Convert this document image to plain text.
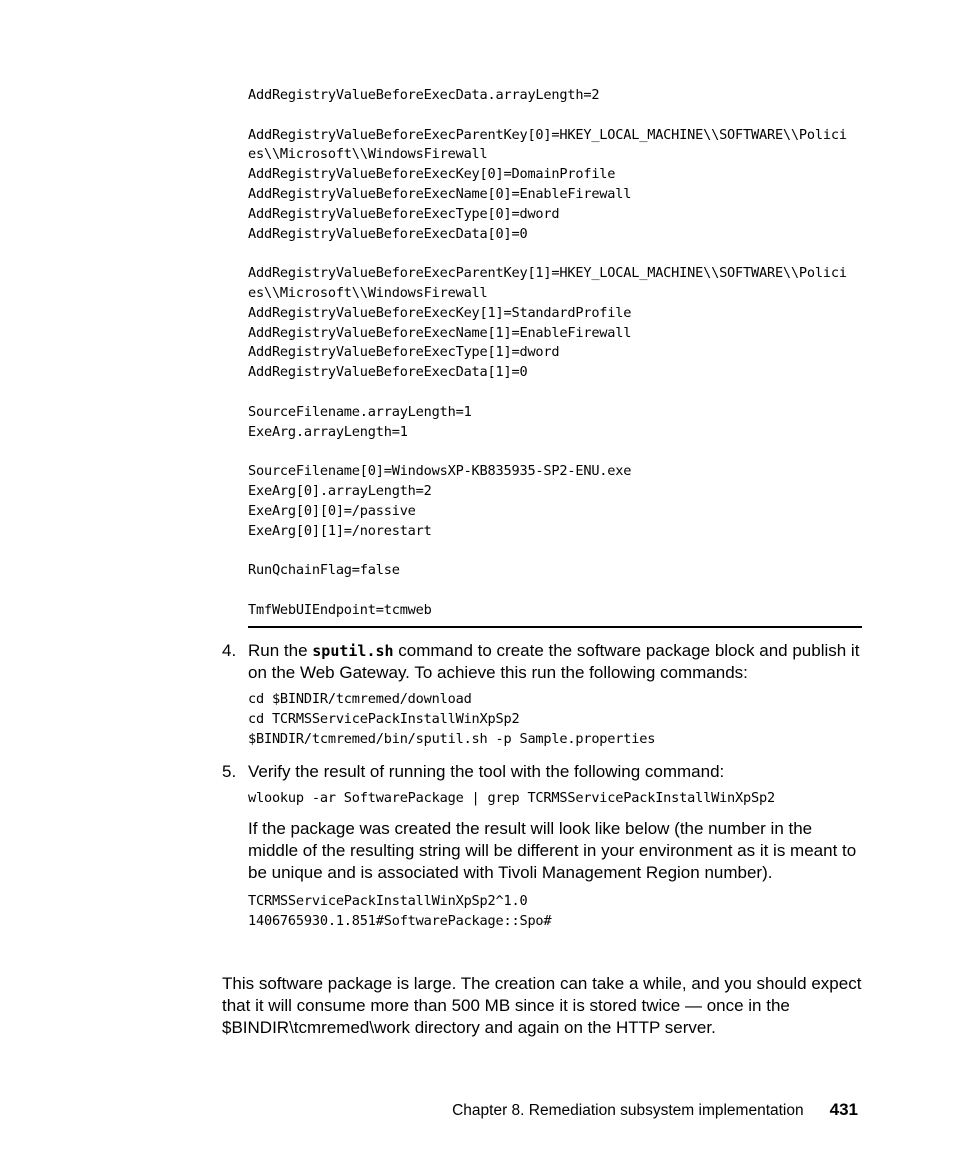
AddRegistryValueBeforeExecData.arrayLength=2

AddRegistryValueBeforeExecParentKey[0]=HKEY_LOCAL_MACHINE\\SOFTWARE\\Polici
es\\Microsoft\\WindowsFirewall
AddRegistryValueBeforeExecKey[0]=DomainProfile
AddRegistryValueBeforeExecName[0]=EnableFirewall
AddRegistryValueBeforeExecType[0]=dword
AddRegistryValueBeforeExecData[0]=0

AddRegistryValueBeforeExecParentKey[1]=HKEY_LOCAL_MACHINE\\SOFTWARE\\Polici
es\\Microsoft\\WindowsFirewall
AddRegistryValueBeforeExecKey[1]=StandardProfile
AddRegistryValueBeforeExecName[1]=EnableFirewall
AddRegistryValueBeforeExecType[1]=dword
AddRegistryValueBeforeExecData[1]=0

SourceFilename.arrayLength=1
ExeArg.arrayLength=1

SourceFilename[0]=WindowsXP-KB835935-SP2-ENU.exe
ExeArg[0].arrayLength=2
ExeArg[0][0]=/passive
ExeArg[0][1]=/norestart

RunQchainFlag=false

TmfWebUIEndpoint=tcmweb
4. Run the sputil.sh command to create the software package block and publish it on the Web Gateway. To achieve this run the following commands:
cd $BINDIR/tcmremed/download
cd TCRMSServicePackInstallWinXpSp2
$BINDIR/tcmremed/bin/sputil.sh -p Sample.properties
5. Verify the result of running the tool with the following command:
wlookup -ar SoftwarePackage | grep TCRMSServicePackInstallWinXpSp2
If the package was created the result will look like below (the number in the middle of the resulting string will be different in your environment as it is meant to be unique and is associated with Tivoli Management Region number).
TCRMSServicePackInstallWinXpSp2^1.0
1406765930.1.851#SoftwarePackage::Spo#
This software package is large. The creation can take a while, and you should expect that it will consume more than 500 MB since it is stored twice — once in the $BINDIR\tcmremed\work directory and again on the HTTP server.
Chapter 8. Remediation subsystem implementation 431
